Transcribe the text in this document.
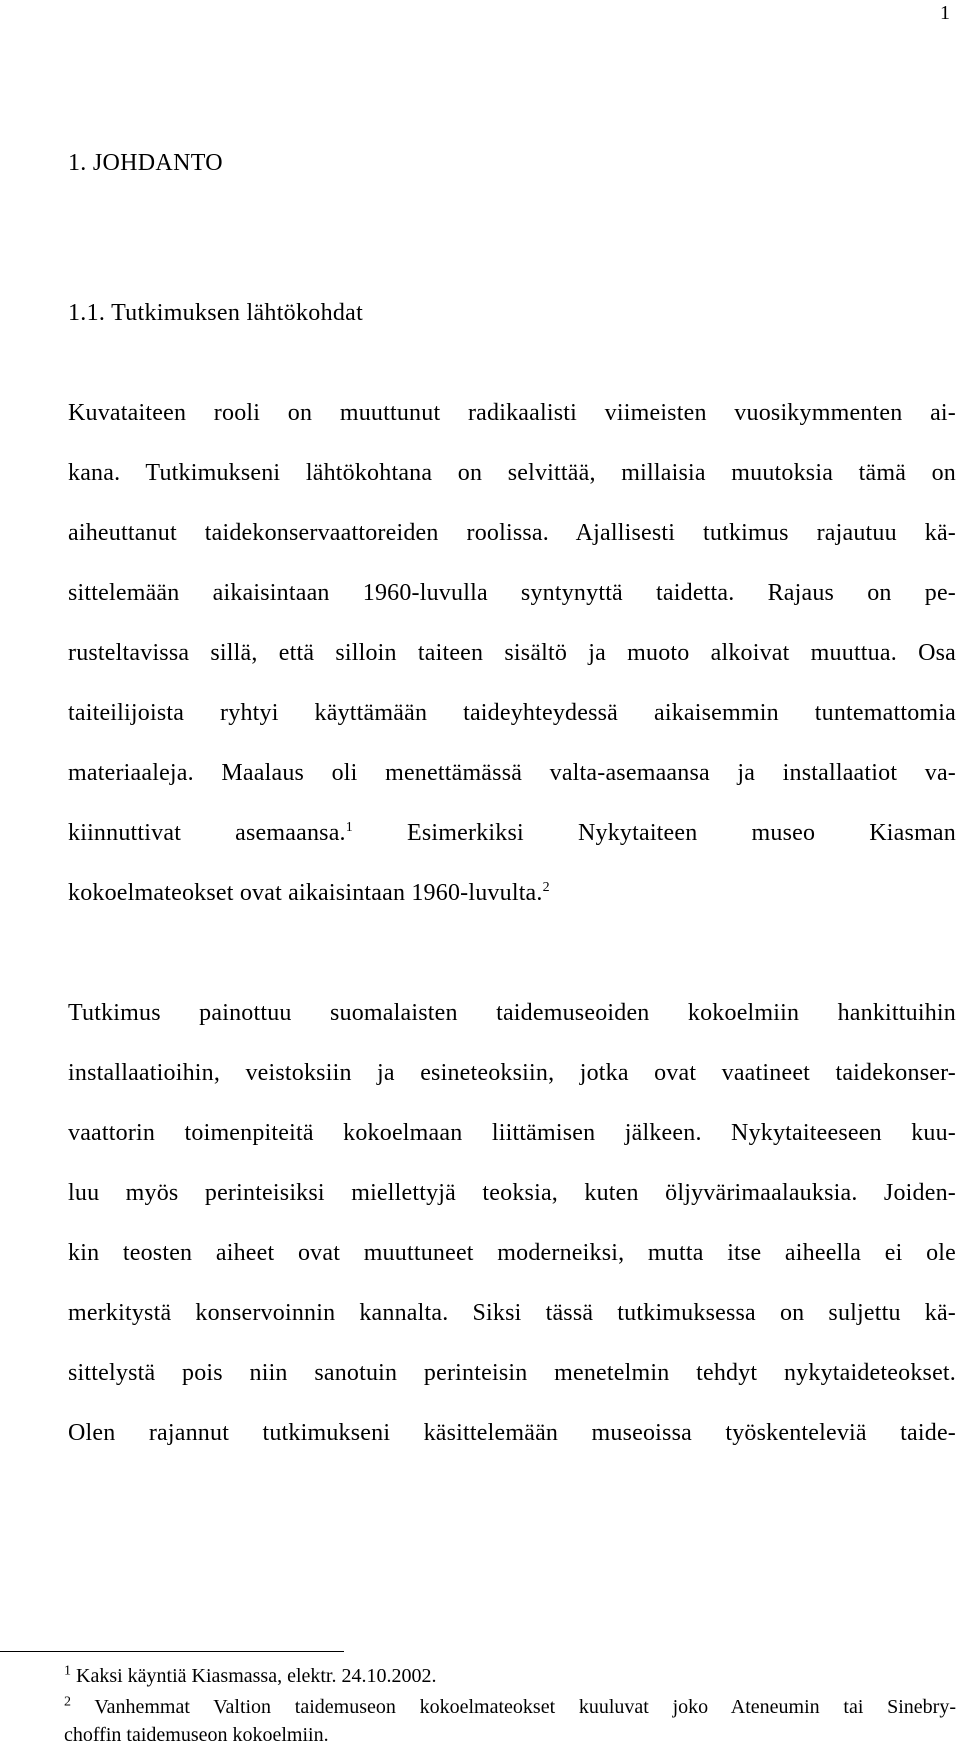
1
1. JOHDANTO
1.1. Tutkimuksen lähtökohdat
Kuvataiteen rooli on muuttunut radikaalisti viimeisten vuosikymmenten ai-
kana. Tutkimukseni lähtökohtana on selvittää, millaisia muutoksia tämä on
aiheuttanut taidekonservaattoreiden roolissa. Ajallisesti tutkimus rajautuu kä-
sittelemään aikaisintaan 1960-luvulla syntynyttä taidetta. Rajaus on pe-
rusteltavissa sillä, että silloin taiteen sisältö ja muoto alkoivat muuttua. Osa
taiteilijoista ryhtyi käyttämään taideyhteydessä aikaisemmin tuntemattomia
materiaaleja. Maalaus oli menettämässä valta-asemaansa ja installaatiot va-
kiinnuttivat asemaansa.$^1$ Esimerkiksi Nykytaiteen museo Kiasman
kokoelmateokset ovat aikaisintaan 1960-luvulta.$^2$
Tutkimus painottuu suomalaisten taidemuseoiden kokoelmiin hankittuihin
installaatioihin, veistoksiin ja esineteoksiin, jotka ovat vaatineet taidekonser-
vaattorin toimenpiteitä kokoelmaan liittämisen jälkeen. Nykytaiteeseen kuu-
luu myös perinteisiksi miellettyjä teoksia, kuten öljyvärimaalauksia. Joiden-
kin teosten aiheet ovat muuttuneet moderneiksi, mutta itse aiheella ei ole
merkitystä konservoinnin kannalta. Siksi tässä tutkimuksessa on suljettu kä-
sittelystä pois niin sanotuin perinteisin menetelmin tehdyt nykytaideteokset.
Olen rajannut tutkimukseni käsittelemään museoissa työskenteleviä taide-
$^1$ Kaksi käyntiä Kiasmassa, elektr. 24.10.2002.
$^2$ Vanhemmat Valtion taidemuseon kokoelmateokset kuuluvat joko Ateneumin tai Sinebry-
choffin taidemuseon kokoelmiin.
